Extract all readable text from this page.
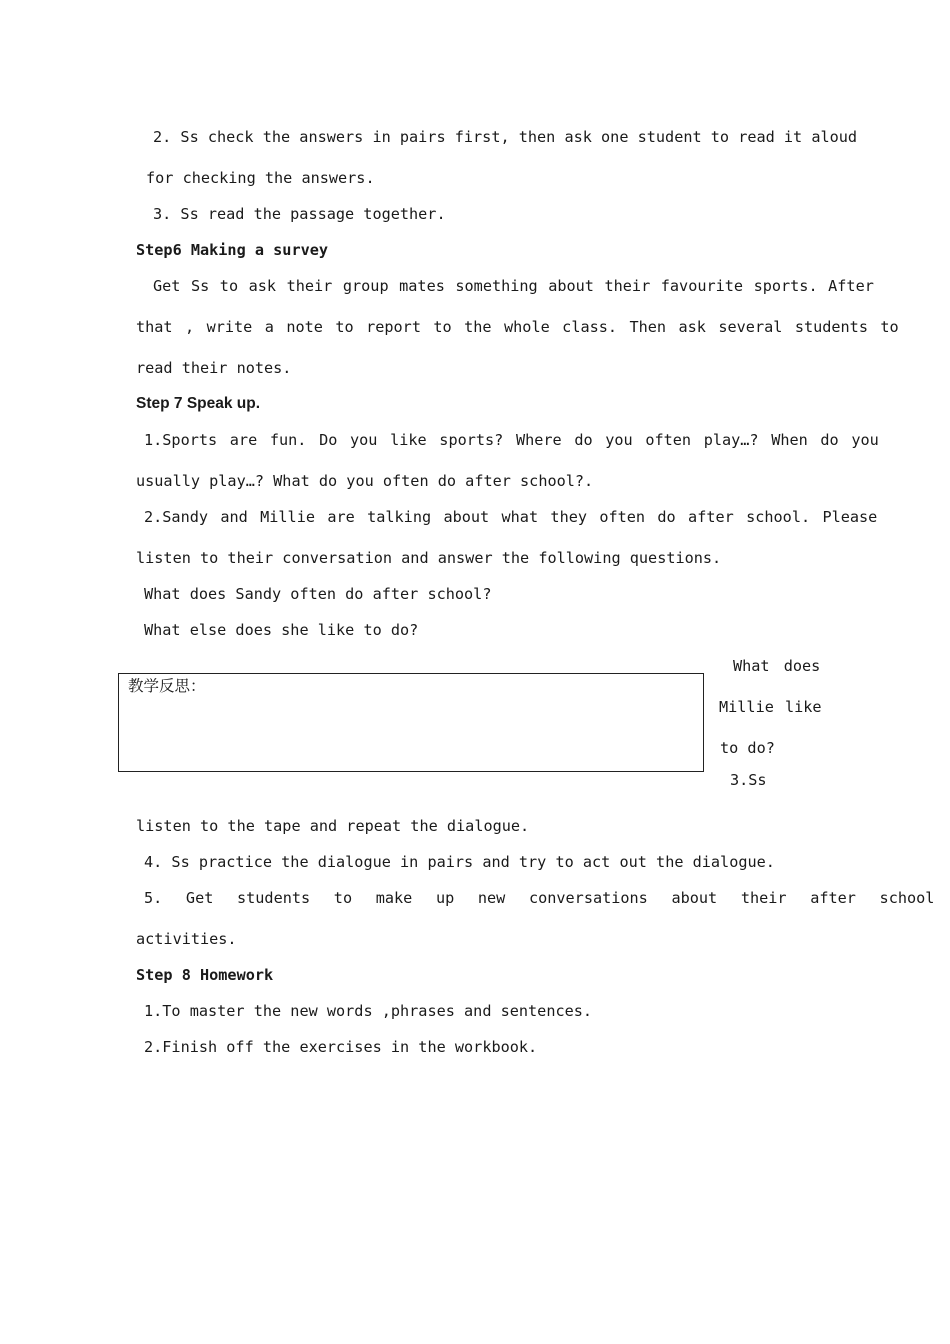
2. Ss check the answers in pairs first, then ask one student to read it aloud

for checking the answers.

3. Ss read the passage together.

Step6 Making a survey

Get Ss to ask their group mates something about their favourite sports. After

that , write a note to report to the whole class. Then ask several students to

read their notes.

Step 7 Speak up.

1.Sports are fun. Do you like sports? Where do you often play…? When do you

usually play…? What do you often do after school?.

2.Sandy and Millie are talking about what they often do after school. Please

listen to their conversation and answer the following questions.

What does Sandy often do after school?

What else does she like to do?

What does

Millie like

to do?

3.Ss

教学反思：

listen to the tape and repeat the dialogue.

4. Ss practice the dialogue in pairs and try to act out the dialogue.

5. Get students to make up new conversations about their after school

activities.

Step 8 Homework

1.To master the new words ,phrases and sentences.

2.Finish off the exercises in the workbook.
